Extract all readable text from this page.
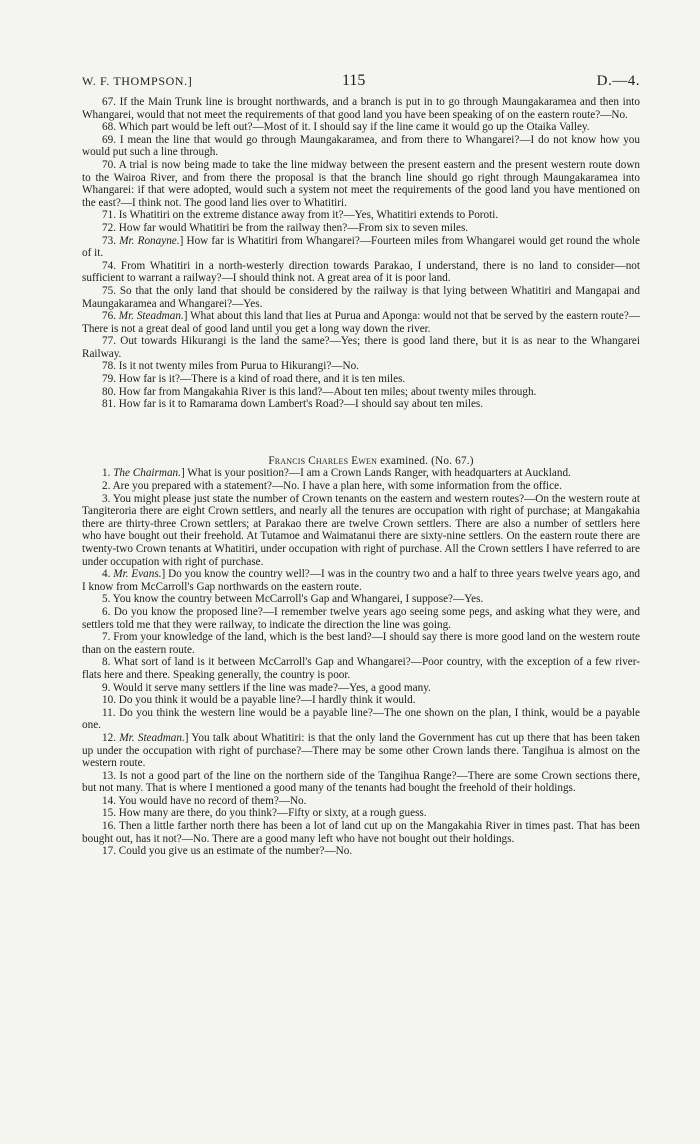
W. F. THOMPSON.]	115	D.—4.

67. If the Main Trunk line is brought northwards, and a branch is put in to go through Maungakaramea and then into Whangarei, would that not meet the requirements of that good land you have been speaking of on the eastern route?—No.

68. Which part would be left out?—Most of it. I should say if the line came it would go up the Otaika Valley.

69. I mean the line that would go through Maungakaramea, and from there to Whangarei?—I do not know how you would put such a line through.

70. A trial is now being made to take the line midway between the present eastern and the present western route down to the Wairoa River, and from there the proposal is that the branch line should go right through Maungakaramea into Whangarei: if that were adopted, would such a system not meet the requirements of the good land you have mentioned on the east?—I think not. The good land lies over to Whatitiri.

71. Is Whatitiri on the extreme distance away from it?—Yes, Whatitiri extends to Poroti.

72. How far would Whatitiri be from the railway then?—From six to seven miles.

73. Mr. Ronayne.] How far is Whatitiri from Whangarei?—Fourteen miles from Whangarei would get round the whole of it.

74. From Whatitiri in a north-westerly direction towards Parakao, I understand, there is no land to consider—not sufficient to warrant a railway?—I should think not. A great area of it is poor land.

75. So that the only land that should be considered by the railway is that lying between Whatitiri and Mangapai and Maungakaramea and Whangarei?—Yes.

76. Mr. Steadman.] What about this land that lies at Purua and Aponga: would not that be served by the eastern route?—There is not a great deal of good land until you get a long way down the river.

77. Out towards Hikurangi is the land the same?—Yes; there is good land there, but it is as near to the Whangarei Railway.

78. Is it not twenty miles from Purua to Hikurangi?—No.

79. How far is it?—There is a kind of road there, and it is ten miles.

80. How far from Mangakahia River is this land?—About ten miles; about twenty miles through.

81. How far is it to Ramarama down Lambert's Road?—I should say about ten miles.

Francis Charles Ewen examined. (No. 67.)

1. The Chairman.] What is your position?—I am a Crown Lands Ranger, with headquarters at Auckland.

2. Are you prepared with a statement?—No. I have a plan here, with some information from the office.

3. You might please just state the number of Crown tenants on the eastern and western routes?—On the western route at Tangiteroria there are eight Crown settlers, and nearly all the tenures are occupation with right of purchase; at Mangakahia there are thirty-three Crown settlers; at Parakao there are twelve Crown settlers. There are also a number of settlers here who have bought out their freehold. At Tutamoe and Waimatanui there are sixty-nine settlers. On the eastern route there are twenty-two Crown tenants at Whatitiri, under occupation with right of purchase. All the Crown settlers I have referred to are under occupation with right of purchase.

4. Mr. Evans.] Do you know the country well?—I was in the country two and a half to three years twelve years ago, and I know from McCarroll's Gap northwards on the eastern route.

5. You know the country between McCarroll's Gap and Whangarei, I suppose?—Yes.

6. Do you know the proposed line?—I remember twelve years ago seeing some pegs, and asking what they were, and settlers told me that they were railway, to indicate the direction the line was going.

7. From your knowledge of the land, which is the best land?—I should say there is more good land on the western route than on the eastern route.

8. What sort of land is it between McCarroll's Gap and Whangarei?—Poor country, with the exception of a few river-flats here and there. Speaking generally, the country is poor.

9. Would it serve many settlers if the line was made?—Yes, a good many.

10. Do you think it would be a payable line?—I hardly think it would.

11. Do you think the western line would be a payable line?—The one shown on the plan, I think, would be a payable one.

12. Mr. Steadman.] You talk about Whatitiri: is that the only land the Government has cut up there that has been taken up under the occupation with right of purchase?—There may be some other Crown lands there. Tangihua is almost on the western route.

13. Is not a good part of the line on the northern side of the Tangihua Range?—There are some Crown sections there, but not many. That is where I mentioned a good many of the tenants had bought the freehold of their holdings.

14. You would have no record of them?—No.

15. How many are there, do you think?—Fifty or sixty, at a rough guess.

16. Then a little farther north there has been a lot of land cut up on the Mangakahia River in times past. That has been bought out, has it not?—No. There are a good many left who have not bought out their holdings.

17. Could you give us an estimate of the number?—No.
